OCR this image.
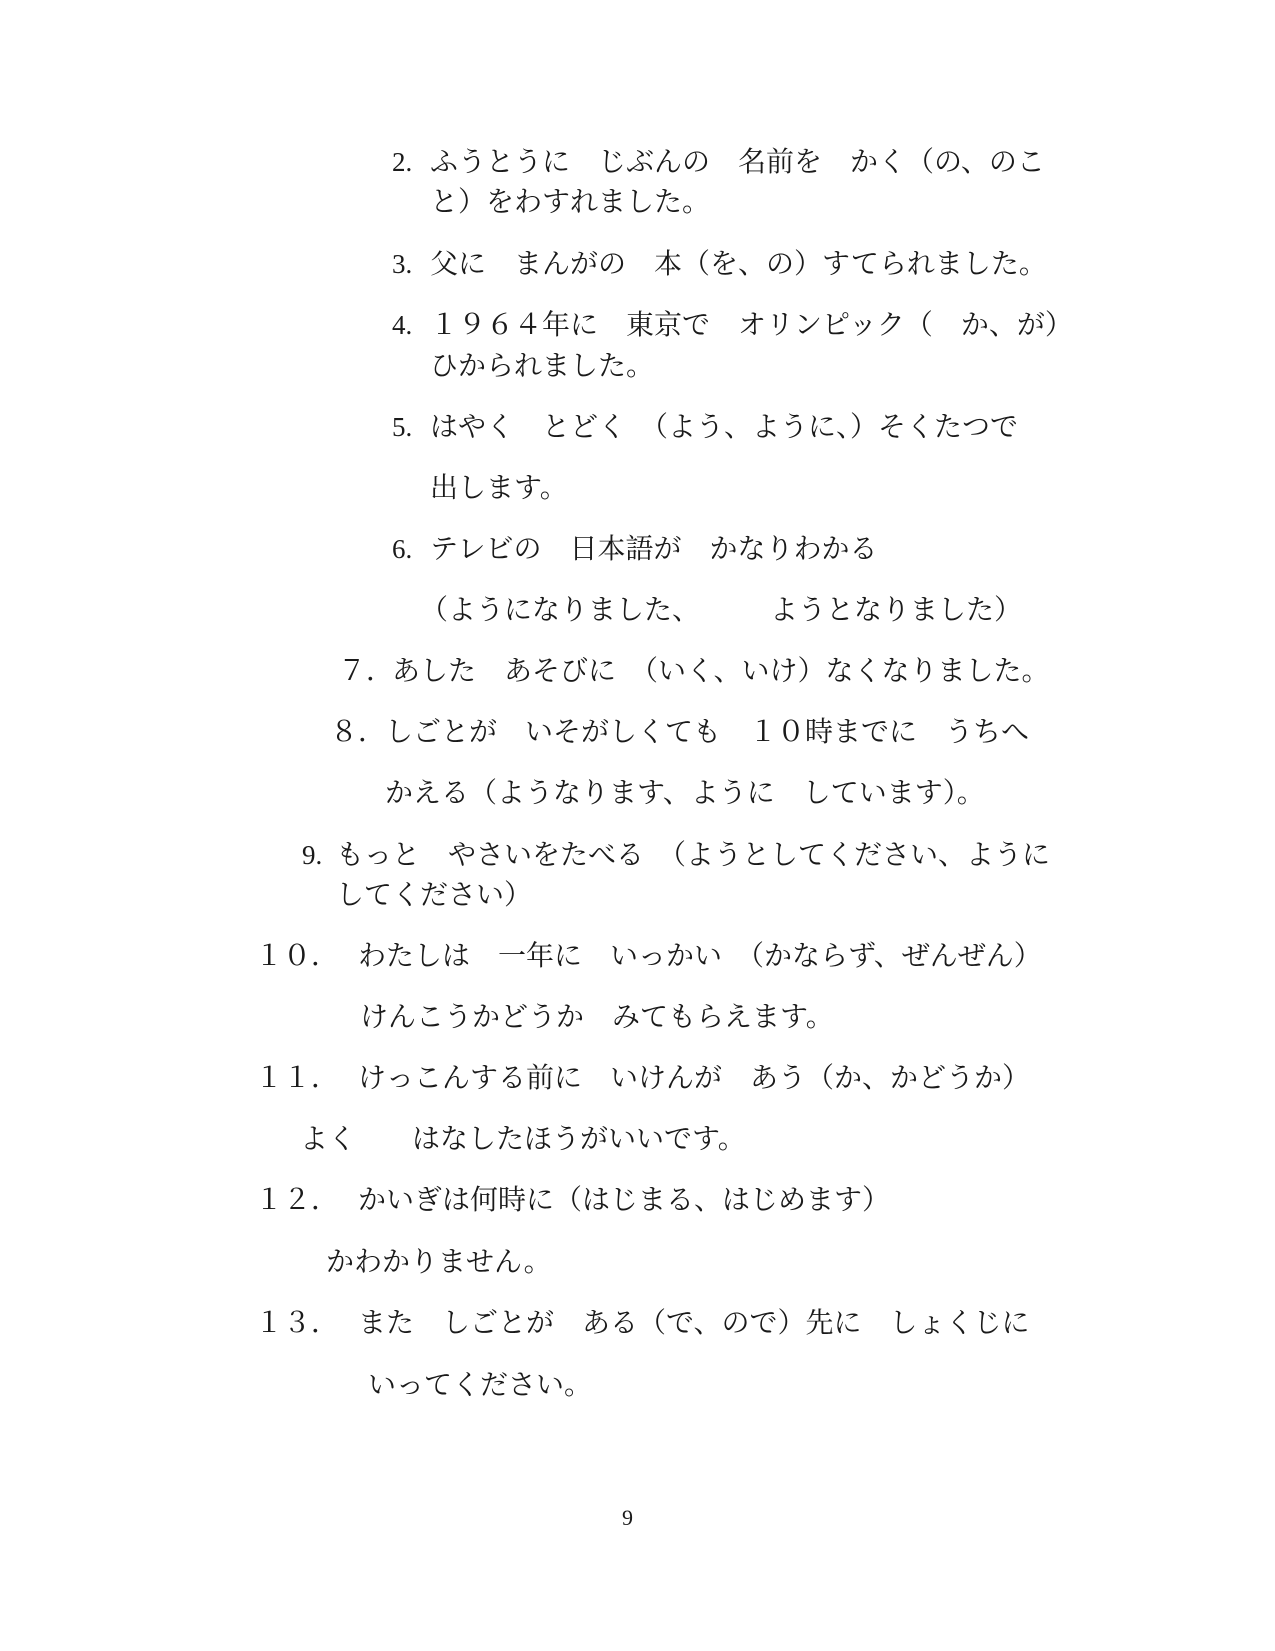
2. ふうとうに　じぶんの　名前を　かく（の、のこ
と）をわすれました。
3. 父に　まんがの　本（を、の）すてられました。
4. １９６４年に　東京で　オリンピック（　か、が）
ひかられました。
5. はやく　とどく　（よう、ように、）そくたつで
出します。
6. テレビの　日本語が　かなりわかる
（ようになりました、　　　ようとなりました）
７．
あした　あそびに　（いく、いけ）なくなりました。
８．
しごとが　いそがしくても　１０時までに　うちへ
かえる（ようなります、ように　しています）。
9. もっと　やさいをたべる　（ようとしてください、ように
してください）
１０． わたしは　一年に　いっかい　（かならず、ぜんぜん）
けんこうかどうか　みてもらえます。
１１． けっこんする前に　いけんが　あう（か、かどうか）
よく　　はなしたほうがいいです。
１２． かいぎは何時に（はじまる、はじめます）
かわかりません。
１３． また　しごとが　ある（で、ので）先に　しょくじに
いってください。
9
